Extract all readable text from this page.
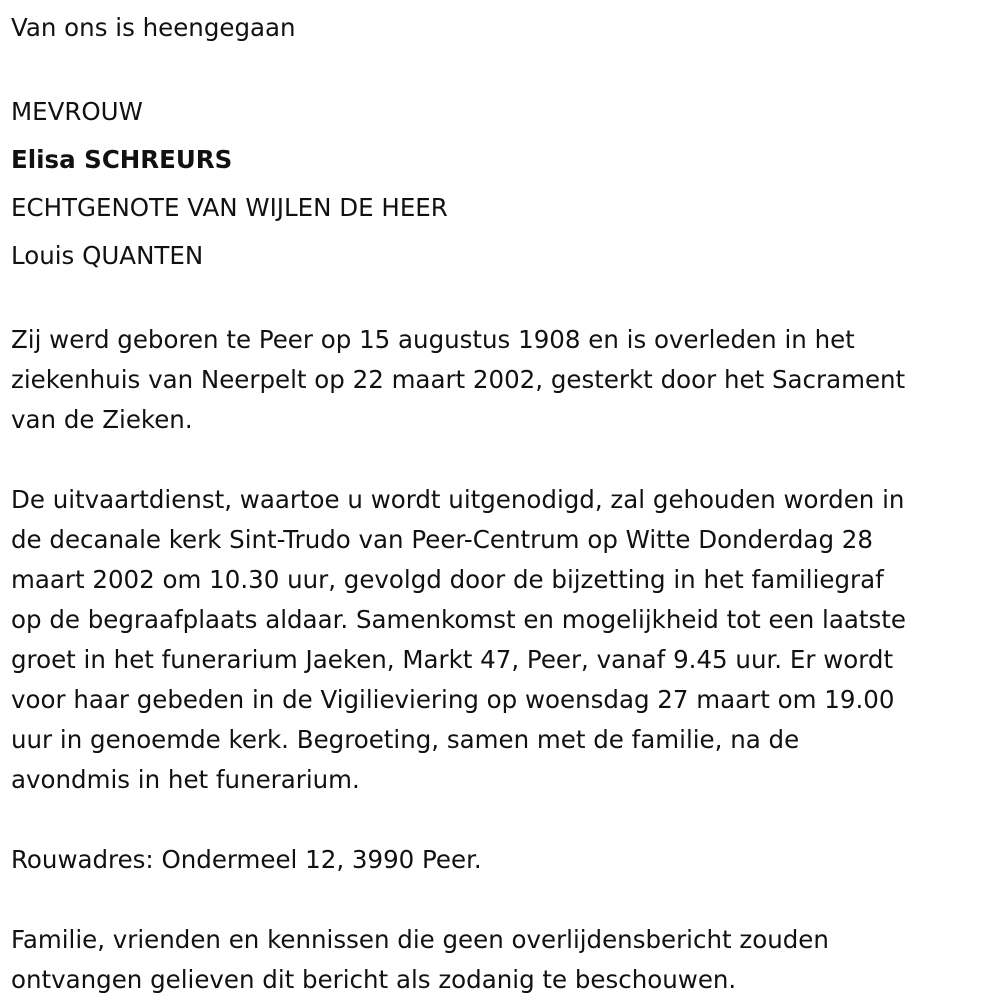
Van ons is heengegaan

MEVROUW

Elisa SCHREURS

ECHTGENOTE VAN WIJLEN DE HEER

Louis QUANTEN

Zij werd geboren te Peer op 15 augustus 1908 en is overleden in het
ziekenhuis van Neerpelt op 22 maart 2002, gesterkt door het Sacrament
van de Zieken.
De uitvaartdienst, waartoe u wordt uitgenodigd, zal gehouden worden in
de decanale kerk Sint-Trudo van Peer-Centrum op Witte Donderdag 28
maart 2002 om 10.30 uur, gevolgd door de bijzetting in het familiegraf
op de begraafplaats aldaar. Samenkomst en mogelijkheid tot een laatste
groet in het funerarium Jaeken, Markt 47, Peer, vanaf 9.45 uur. Er wordt
voor haar gebeden in de Vigilieviering op woensdag 27 maart om 19.00
uur in genoemde kerk. Begroeting, samen met de familie, na de
avondmis in het funerarium.

Rouwadres: Ondermeel 12, 3990 Peer.

Familie, vrienden en kennissen die geen overlijdensbericht zouden
ontvangen gelieven dit bericht als zodanig te beschouwen.
